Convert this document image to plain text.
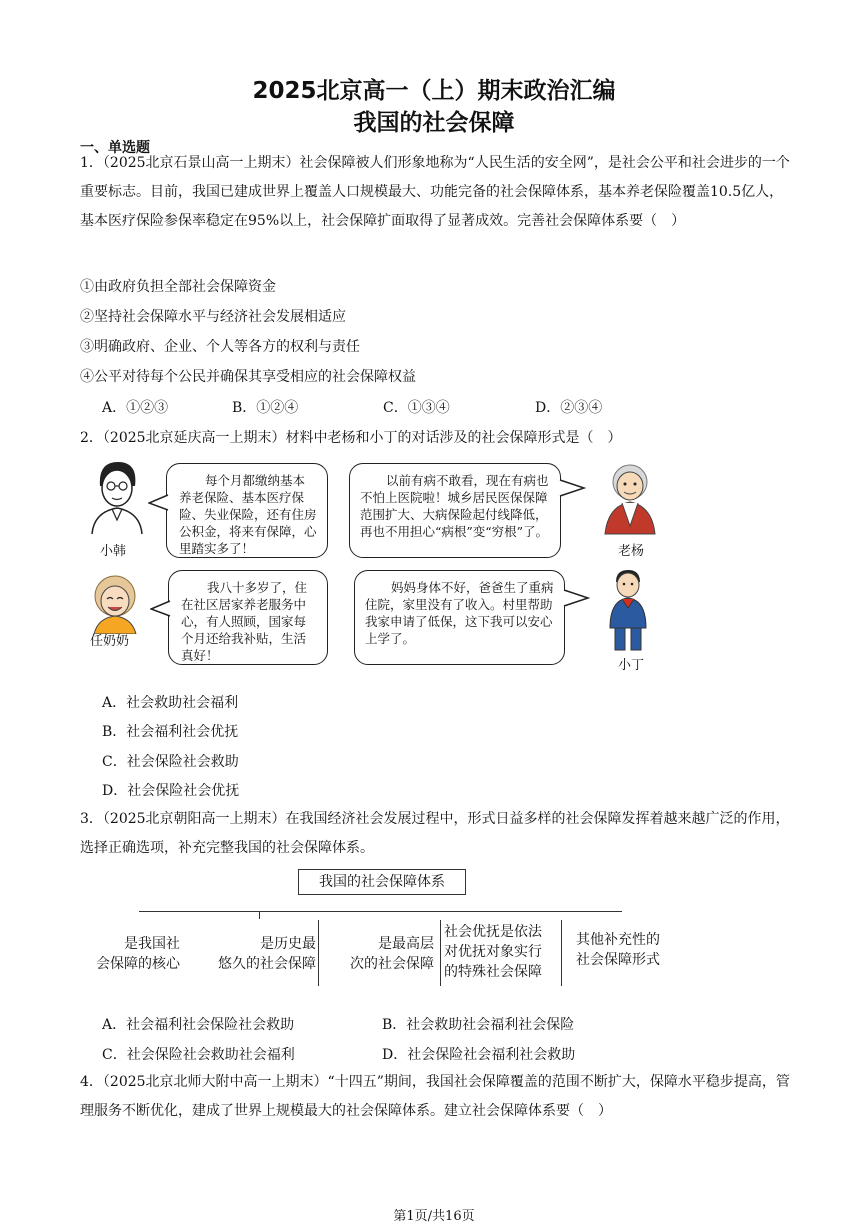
2025北京高一（上）期末政治汇编
我国的社会保障
一、单选题

1．（2025北京石景山高一上期末）社会保障被人们形象地称为“人民生活的安全网”，是社会公平和社会进步的一个重要标志。目前，我国已建成世界上覆盖人口规模最大、功能完备的社会保障体系，基本养老保险覆盖10.5亿人，基本医疗保险参保率稳定在95%以上，社会保障扩面取得了显著成效。完善社会保障体系要（　）

①由政府负担全部社会保障资金
②坚持社会保障水平与经济社会发展相适应
③明确政府、企业、个人等各方的权利与责任
④公平对待每个公民并确保其享受相应的社会保障权益
A．①②③	B．①②④	C．①③④	D．②③④
2．（2025北京延庆高一上期末）材料中老杨和小丁的对话涉及的社会保障形式是（　）
小韩
每个月都缴纳基本养老保险、基本医疗保险、失业保险，还有住房公积金，将来有保障，心里踏实多了！
以前有病不敢看，现在有病也不怕上医院啦！城乡居民医保保障范围扩大、大病保险起付线降低，再也不用担心“病根”变“穷根”了。
老杨
任奶奶
我八十多岁了，住在社区居家养老服务中心，有人照顾，国家每个月还给我补贴，生活真好！
妈妈身体不好，爸爸生了重病住院，家里没有了收入。村里帮助我家申请了低保，这下我可以安心上学了。
小丁
A．社会救助社会福利
B．社会福利社会优抚
C．社会保险社会救助
D．社会保险社会优抚

3．（2025北京朝阳高一上期末）在我国经济社会发展过程中，形式日益多样的社会保障发挥着越来越广泛的作用，选择正确选项，补充完整我国的社会保障体系。

我国的社会保障体系
是我国社
会保障的核心
是历史最
悠久的社会保障
是最高层
次的社会保障
社会优抚是依法
对优抚对象实行
的特殊社会保障
其他补充性的
社会保障形式
A．社会福利社会保险社会救助	B．社会救助社会福利社会保险
C．社会保险社会救助社会福利	D．社会保险社会福利社会救助

4．（2025北京北师大附中高一上期末）“十四五”期间，我国社会保障覆盖的范围不断扩大，保障水平稳步提高，管理服务不断优化，建成了世界上规模最大的社会保障体系。建立社会保障体系要（　）

第1页/共16页
